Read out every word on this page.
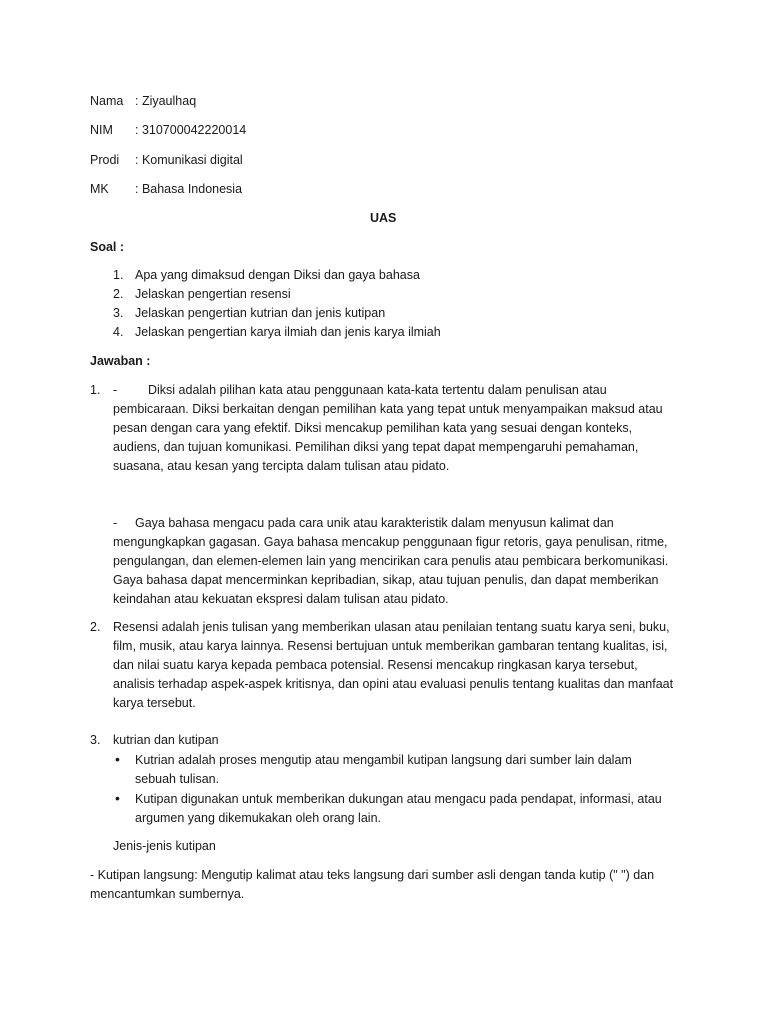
Nama : Ziyaulhaq
NIM : 310700042220014
Prodi : Komunikasi digital
MK : Bahasa Indonesia
UAS
Soal :
1. Apa yang dimaksud dengan Diksi dan gaya bahasa
2. Jelaskan pengertian resensi
3. Jelaskan pengertian kutrian dan jenis kutipan
4. Jelaskan pengertian karya ilmiah dan jenis karya ilmiah
Jawaban :
1. -	Diksi adalah pilihan kata atau penggunaan kata-kata tertentu dalam penulisan atau
pembicaraan. Diksi berkaitan dengan pemilihan kata yang tepat untuk menyampaikan maksud atau
pesan dengan cara yang efektif. Diksi mencakup pemilihan kata yang sesuai dengan konteks,
audiens, dan tujuan komunikasi. Pemilihan diksi yang tepat dapat mempengaruhi pemahaman,
suasana, atau kesan yang tercipta dalam tulisan atau pidato.
-	Gaya bahasa mengacu pada cara unik atau karakteristik dalam menyusun kalimat dan
mengungkapkan gagasan. Gaya bahasa mencakup penggunaan figur retoris, gaya penulisan, ritme,
pengulangan, dan elemen-elemen lain yang mencirikan cara penulis atau pembicara berkomunikasi.
Gaya bahasa dapat mencerminkan kepribadian, sikap, atau tujuan penulis, dan dapat memberikan
keindahan atau kekuatan ekspresi dalam tulisan atau pidato.
2. Resensi adalah jenis tulisan yang memberikan ulasan atau penilaian tentang suatu karya seni, buku,
film, musik, atau karya lainnya. Resensi bertujuan untuk memberikan gambaran tentang kualitas, isi,
dan nilai suatu karya kepada pembaca potensial. Resensi mencakup ringkasan karya tersebut,
analisis terhadap aspek-aspek kritisnya, dan opini atau evaluasi penulis tentang kualitas dan manfaat
karya tersebut.
3. kutrian dan kutipan
• Kutrian adalah proses mengutip atau mengambil kutipan langsung dari sumber lain dalam
sebuah tulisan.
• Kutipan digunakan untuk memberikan dukungan atau mengacu pada pendapat, informasi, atau
argumen yang dikemukakan oleh orang lain.
Jenis-jenis kutipan
- Kutipan langsung: Mengutip kalimat atau teks langsung dari sumber asli dengan tanda kutip (" ") dan
mencantumkan sumbernya.
